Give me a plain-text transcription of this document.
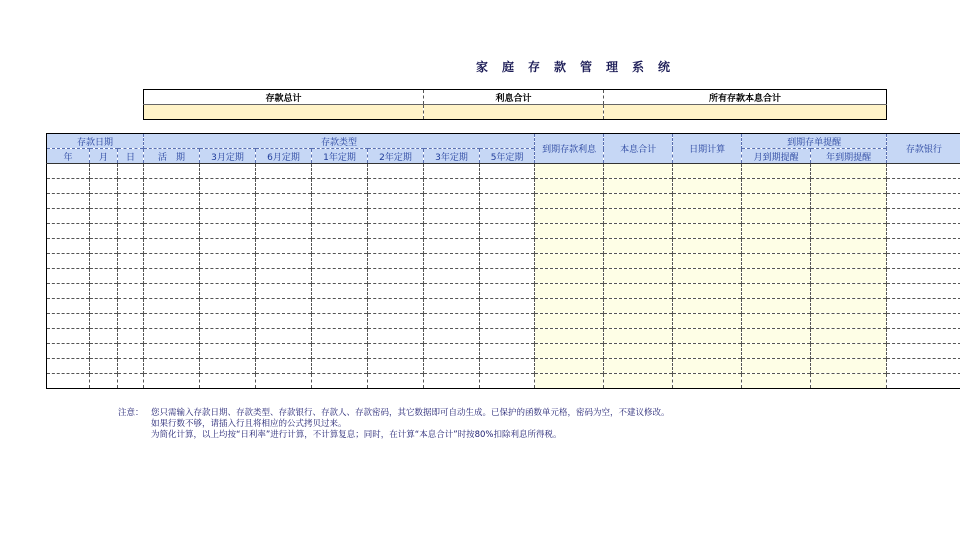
家庭存款管理系统
存款总计	利息合计	所有存款本息合计

存款日期			存款类型							到期存款利息	本息合计	日期计算	到期存单提醒		存款银行
年	月	日	活　期	3月定期	6月定期	1年定期	2年定期	3年定期	5年定期				月到期提醒	年到期提醒	

注意： 您只需输入存款日期、存款类型、存款银行、存款人、存款密码，其它数据即可自动生成。已保护的函数单元格，密码为空，不建议修改。
如果行数不够，请插入行且将相应的公式拷贝过来。
为简化计算，以上均按“日利率”进行计算，不计算复息；同时，在计算“本息合计”时按80%扣除利息所得税。
